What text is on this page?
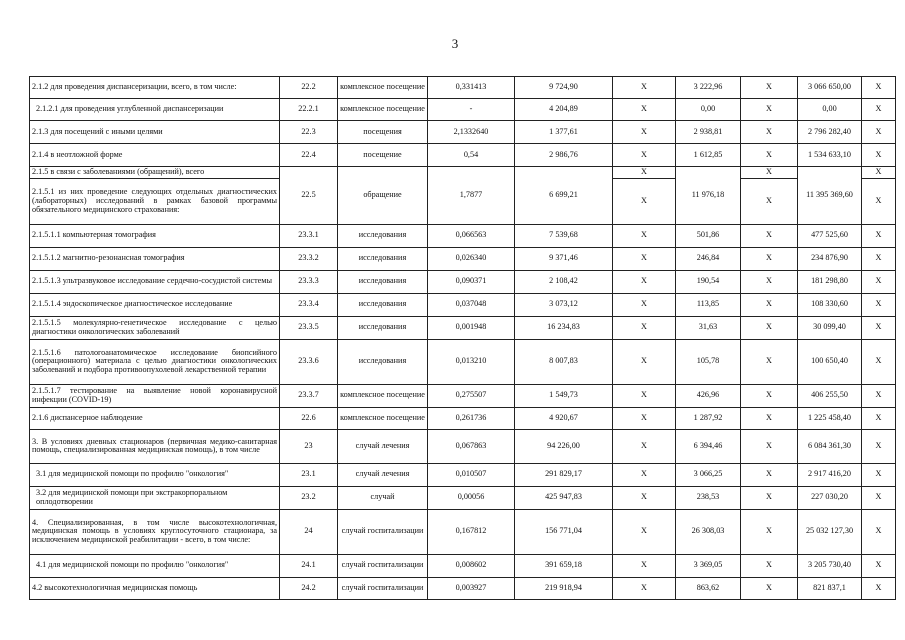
3
2.1.2 для проведения диспансеризации, всего, в том числе:	22.2	комплексное посещение	0,331413	9 724,90	X	3 222,96	X	3 066 650,00	X
2.1.2.1 для проведения углубленной диспансеризации	22.2.1	комплексное посещение	-	4 204,89	X	0,00	X	0,00	X
2.1.3 для посещений с иными целями	22.3	посещения	2,1332640	1 377,61	X	2 938,81	X	2 796 282,40	X
2.1.4 в неотложной форме	22.4	посещение	0,54	2 986,76	X	1 612,85	X	1 534 633,10	X
2.1.5 в связи с заболеваниями (обращений), всего	22.5	обращение	1,7877	6 699,21	X	11 976,18	X	11 395 369,60	X
2.1.5.1 из них проведение следующих отдельных диагностических (лабораторных) исследований в рамках базовой программы обязательного медицинского страхования:					X		X		X
2.1.5.1.1 компьютерная томография	23.3.1	исследования	0,066563	7 539,68	X	501,86	X	477 525,60	X
2.1.5.1.2 магнитно-резонансная томография	23.3.2	исследования	0,026340	9 371,46	X	246,84	X	234 876,90	X
2.1.5.1.3 ультразвуковое исследование сердечно-сосудистой системы	23.3.3	исследования	0,090371	2 108,42	X	190,54	X	181 298,80	X
2.1.5.1.4 эндоскопическое диагностическое исследование	23.3.4	исследования	0,037048	3 073,12	X	113,85	X	108 330,60	X
2.1.5.1.5 молекулярно-генетическое исследование с целью диагностики онкологических заболеваний	23.3.5	исследования	0,001948	16 234,83	X	31,63	X	30 099,40	X
2.1.5.1.6 патологоанатомическое исследование биопсийного (операционного) материала с целью диагностики онкологических заболеваний и подбора противоопухолевой лекарственной терапии	23.3.6	исследования	0,013210	8 007,83	X	105,78	X	100 650,40	X
2.1.5.1.7 тестирование на выявление новой коронавирусной инфекции (COVID-19)	23.3.7	комплексное посещение	0,275507	1 549,73	X	426,96	X	406 255,50	X
2.1.6 диспансерное наблюдение	22.6	комплексное посещение	0,261736	4 920,67	X	1 287,92	X	1 225 458,40	X
3. В условиях дневных стационаров (первичная медико-санитарная помощь, специализированная медицинская помощь), в том числе	23	случай лечения	0,067863	94 226,00	X	6 394,46	X	6 084 361,30	X
3.1 для медицинской помощи по профилю "онкология"	23.1	случай лечения	0,010507	291 829,17	X	3 066,25	X	2 917 416,20	X
3.2 для медицинской помощи при экстракорпоральном оплодотворении	23.2	случай	0,00056	425 947,83	X	238,53	X	227 030,20	X
4. Специализированная, в том числе высокотехнологичная, медицинская помощь в условиях круглосуточного стационара, за исключением медицинской реабилитации - всего, в том числе:	24	случай госпитализации	0,167812	156 771,04	X	26 308,03	X	25 032 127,30	X
4.1 для медицинской помощи по профилю "онкология"	24.1	случай госпитализации	0,008602	391 659,18	X	3 369,05	X	3 205 730,40	X
4.2 высокотехнологичная медицинская помощь	24.2	случай госпитализации	0,003927	219 918,94	X	863,62	X	821 837,1	X
